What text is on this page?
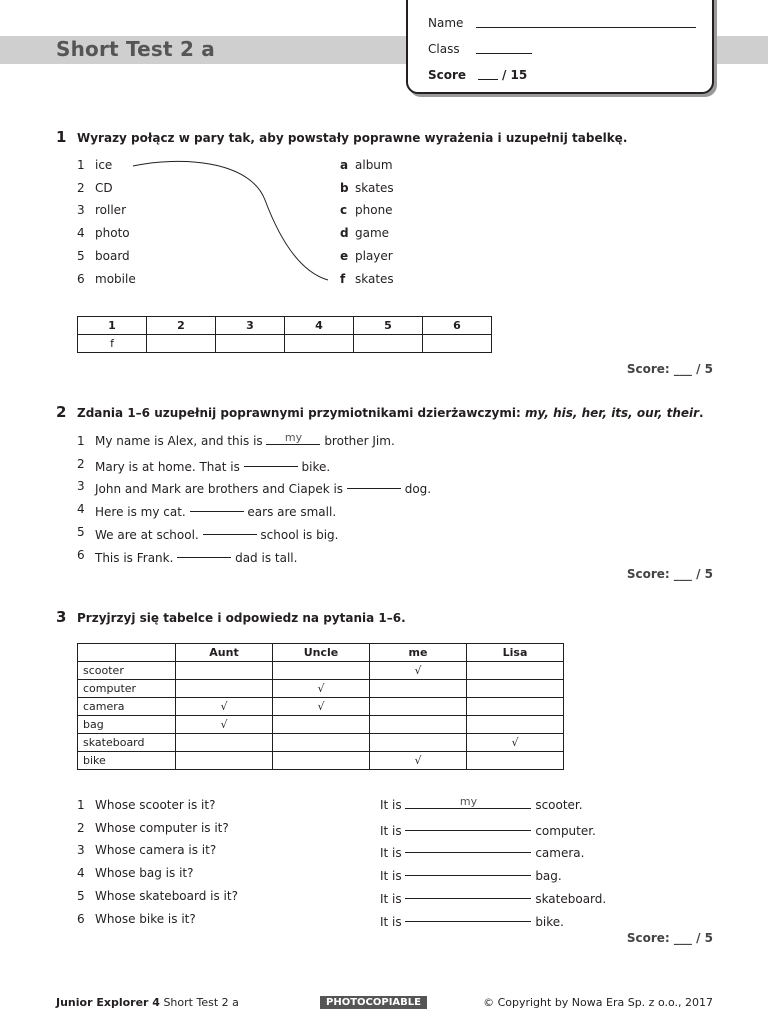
Short Test 2 a
Name
Class
Score	/ 15
1 Wyrazy połącz w pary tak, aby powstały poprawne wyrażenia i uzupełnij tabelkę.
1 ice
2 CD
3 roller
4 photo
5 board
6 mobile
a album
b skates
c phone
d game
e player
f skates
1	2	3	4	5	6
f					
Score: ___ / 5
2 Zdania 1–6 uzupełnij poprawnymi przymiotnikami dzierżawczymi: my, his, her, its, our, their.
1 My name is Alex, and this is my brother Jim.
2 Mary is at home. That is	bike.
3 John and Mark are brothers and Ciapek is	dog.
4 Here is my cat.	ears are small.
5 We are at school.	school is big.
6 This is Frank.	dad is tall.
Score: ___ / 5
3 Przyjrzyj się tabelce i odpowiedz na pytania 1–6.
	Aunt	Uncle	me	Lisa
scooter			√	
computer		√		
camera	√	√		
bag	√			
skateboard				√
bike			√	
1 Whose scooter is it?	It is	my	scooter.
2 Whose computer is it?	It is	computer.
3 Whose camera is it?	It is	camera.
4 Whose bag is it?	It is	bag.
5 Whose skateboard is it?	It is	skateboard.
6 Whose bike is it?	It is	bike.
Score: ___ / 5
Junior Explorer 4 Short Test 2 a	PHOTOCOPIABLE	© Copyright by Nowa Era Sp. z o.o., 2017
